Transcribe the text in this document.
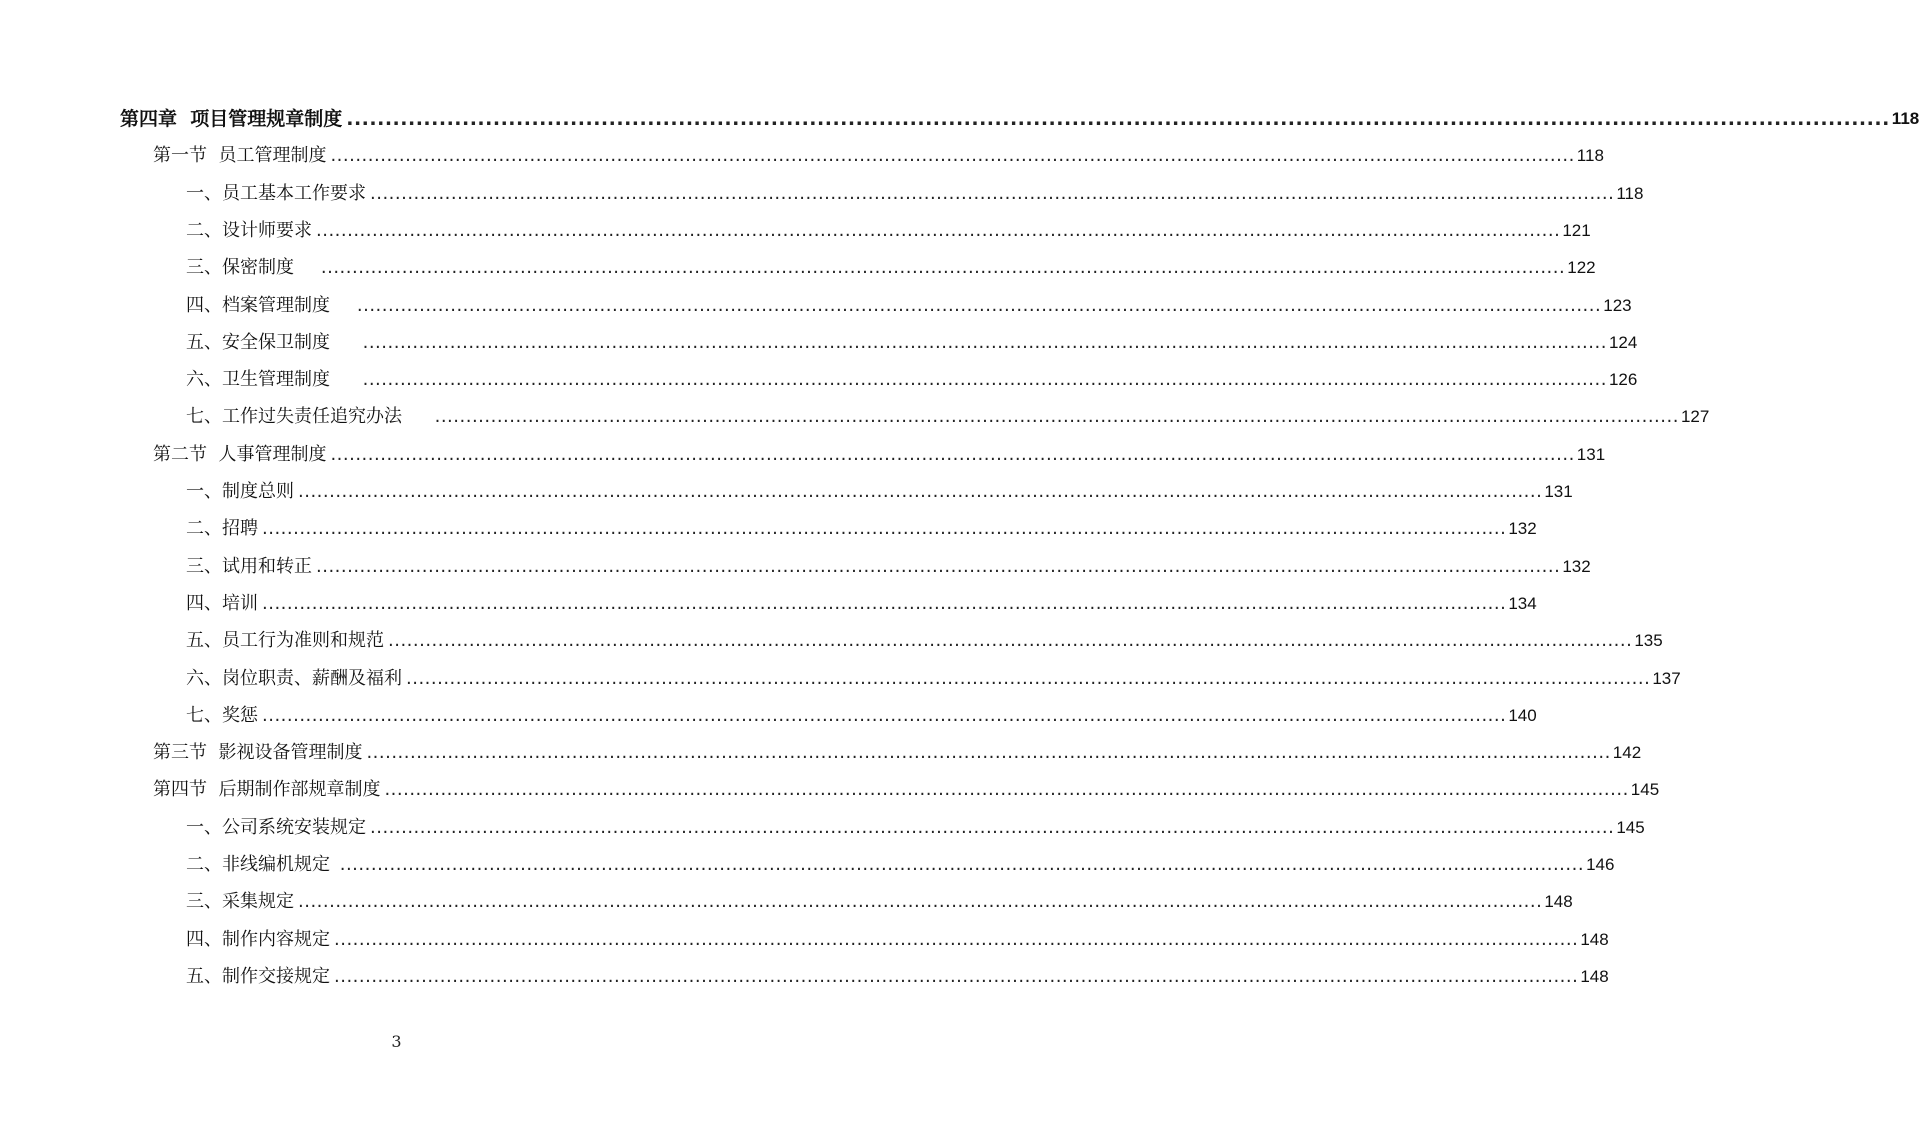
第四章  项目管理规章制度 ........................................................................................................................................................................................................ 118
第一节  员工管理制度 ........................................................................................................................................................................................................ 118
一、员工基本工作要求 ........................................................................................................................................................................................................ 118
二、设计师要求 ........................................................................................................................................................................................................ 121
三、保密制度 ........................................................................................................................................................................................................ 122
四、档案管理制度 ........................................................................................................................................................................................................ 123
五、安全保卫制度 ........................................................................................................................................................................................................ 124
六、卫生管理制度 ........................................................................................................................................................................................................ 126
七、工作过失责任追究办法 ........................................................................................................................................................................................................ 127
第二节  人事管理制度 ........................................................................................................................................................................................................ 131
一、制度总则 ........................................................................................................................................................................................................ 131
二、招聘 ........................................................................................................................................................................................................ 132
三、试用和转正 ........................................................................................................................................................................................................ 132
四、培训 ........................................................................................................................................................................................................ 134
五、员工行为准则和规范 ........................................................................................................................................................................................................ 135
六、岗位职责、薪酬及福利 ........................................................................................................................................................................................................ 137
七、奖惩 ........................................................................................................................................................................................................ 140
第三节  影视设备管理制度 ........................................................................................................................................................................................................ 142
第四节  后期制作部规章制度 ........................................................................................................................................................................................................ 145
一、公司系统安装规定 ........................................................................................................................................................................................................ 145
二、非线编机规定 ........................................................................................................................................................................................................ 146
三、采集规定 ........................................................................................................................................................................................................ 148
四、制作内容规定 ........................................................................................................................................................................................................ 148
五、制作交接规定 ........................................................................................................................................................................................................ 148
3
